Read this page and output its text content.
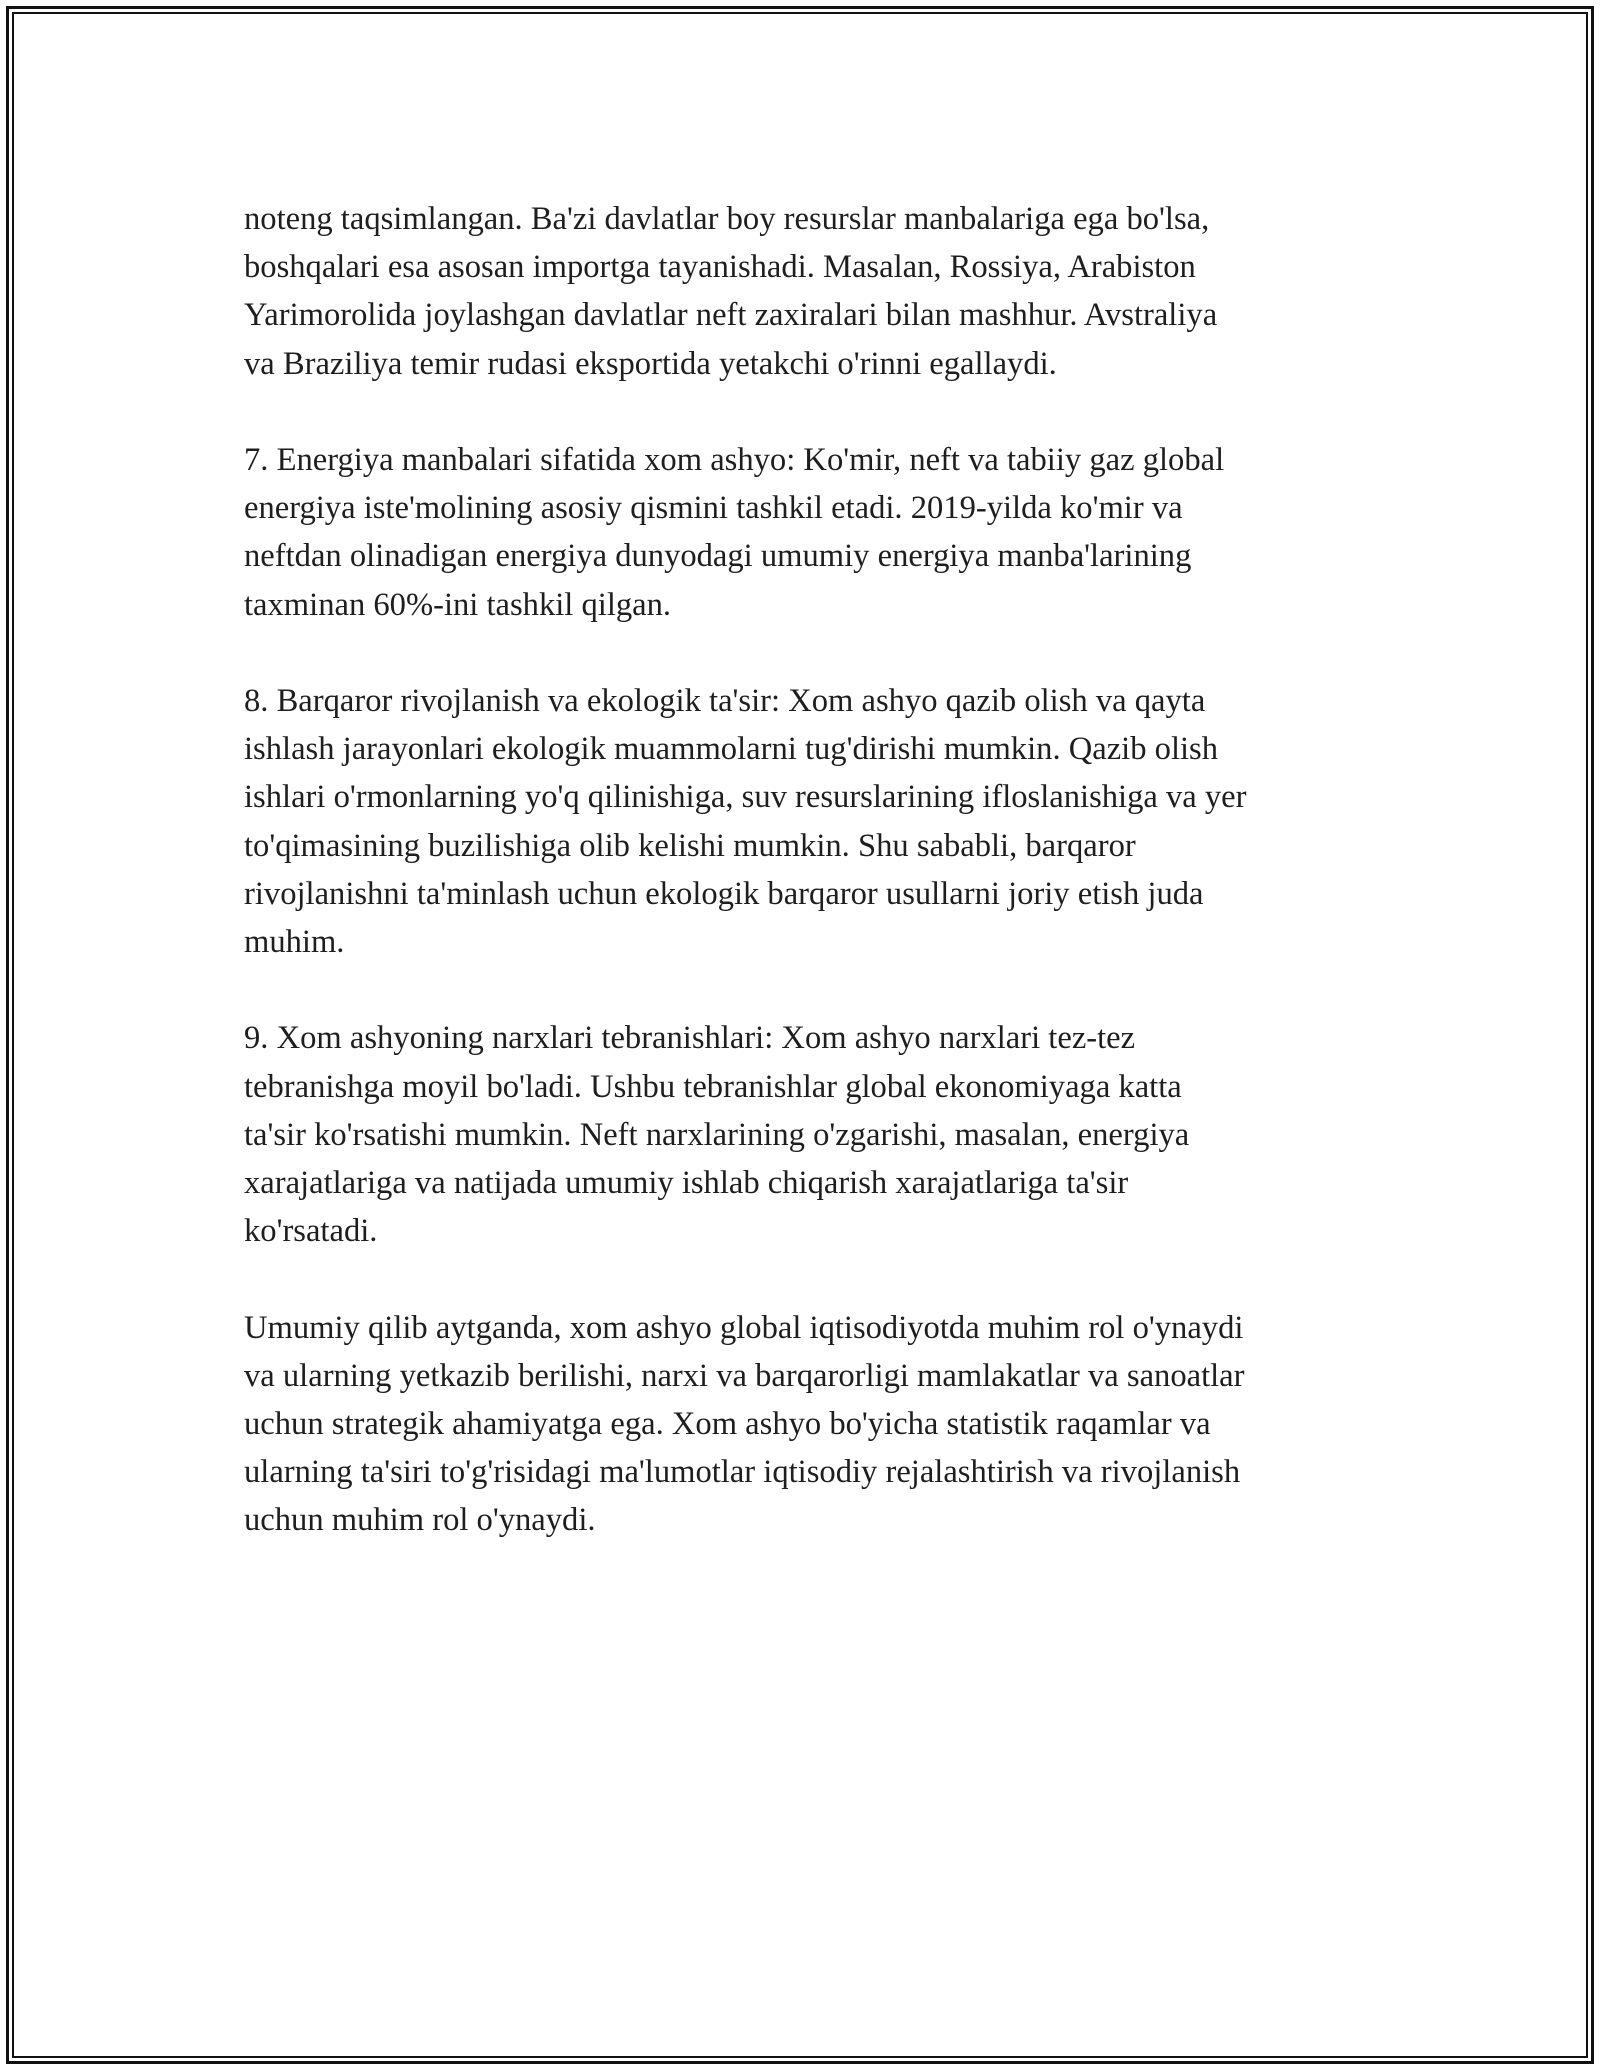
noteng taqsimlangan. Ba'zi davlatlar boy resurslar manbalariga ega bo'lsa,
boshqalari esa asosan importga tayanishadi. Masalan, Rossiya, Arabiston
Yarimorolida joylashgan davlatlar neft zaxiralari bilan mashhur. Avstraliya
va Braziliya temir rudasi eksportida yetakchi o'rinni egallaydi.

7. Energiya manbalari sifatida xom ashyo: Ko'mir, neft va tabiiy gaz global
energiya iste'molining asosiy qismini tashkil etadi. 2019-yilda ko'mir va
neftdan olinadigan energiya dunyodagi umumiy energiya manba'larining
taxminan 60%-ini tashkil qilgan.

8. Barqaror rivojlanish va ekologik ta'sir: Xom ashyo qazib olish va qayta
ishlash jarayonlari ekologik muammolarni tug'dirishi mumkin. Qazib olish
ishlari o'rmonlarning yo'q qilinishiga, suv resurslarining ifloslanishiga va yer
to'qimasining buzilishiga olib kelishi mumkin. Shu sababli, barqaror
rivojlanishni ta'minlash uchun ekologik barqaror usullarni joriy etish juda
muhim.

9. Xom ashyoning narxlari tebranishlari: Xom ashyo narxlari tez-tez
tebranishga moyil bo'ladi. Ushbu tebranishlar global ekonomiyaga katta
ta'sir ko'rsatishi mumkin. Neft narxlarining o'zgarishi, masalan, energiya
xarajatlariga va natijada umumiy ishlab chiqarish xarajatlariga ta'sir
ko'rsatadi.

Umumiy qilib aytganda, xom ashyo global iqtisodiyotda muhim rol o'ynaydi
va ularning yetkazib berilishi, narxi va barqarorligi mamlakatlar va sanoatlar
uchun strategik ahamiyatga ega. Xom ashyo bo'yicha statistik raqamlar va
ularning ta'siri to'g'risidagi ma'lumotlar iqtisodiy rejalashtirish va rivojlanish
uchun muhim rol o'ynaydi.
